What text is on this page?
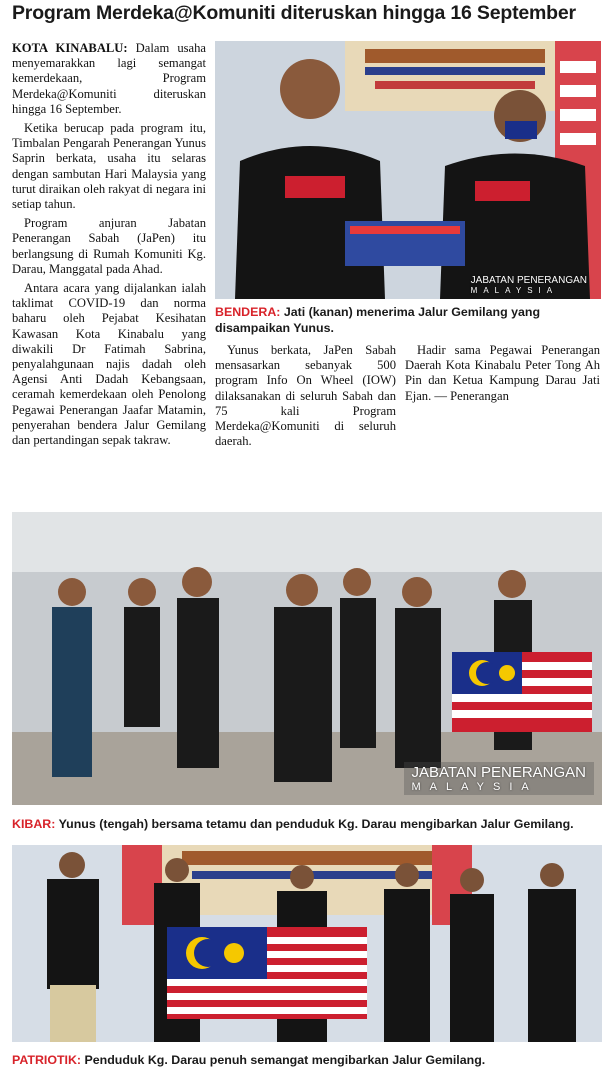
Program Merdeka@Komuniti diteruskan hingga 16 September

KOTA KINABALU: Dalam usaha menyemarakkan lagi semangat kemerdekaan, Program Merdeka@Komuniti diteruskan hingga 16 September.

Ketika berucap pada program itu, Timbalan Pengarah Penerangan Yunus Saprin berkata, usaha itu selaras dengan sambutan Hari Malaysia yang turut diraikan oleh rakyat di negara ini setiap tahun.

Program anjuran Jabatan Penerangan Sabah (JaPen) itu berlangsung di Rumah Komuniti Kg. Darau, Manggatal pada Ahad.

Antara acara yang dijalankan ialah taklimat COVID-19 dan norma baharu oleh Pejabat Kesihatan Kawasan Kota Kinabalu yang diwakili Dr Fatimah Sabrina, penyalahgunaan najis dadah oleh Agensi Anti Dadah Kebangsaan, ceramah kemerdekaan oleh Penolong Pegawai Penerangan Jaafar Matamin, penyerahan bendera Jalur Gemilang dan pertandingan sepak takraw.

Yunus berkata, JaPen Sabah mensasarkan sebanyak 500 program Info On Wheel (IOW) dilaksanakan di seluruh Sabah dan 75 kali Program Merdeka@Komuniti di seluruh daerah.

Hadir sama Pegawai Penerangan Daerah Kota Kinabalu Peter Tong Ah Pin dan Ketua Kampung Darau Jati Ejan. — Penerangan

JABATAN PENERANGAN
MALAYSIA
BENDERA: Jati (kanan) menerima Jalur Gemilang yang disampaikan Yunus.
JABATAN PENERANGAN
MALAYSIA
KIBAR: Yunus (tengah) bersama tetamu dan penduduk Kg. Darau mengibarkan Jalur Gemilang.
PATRIOTIK: Penduduk Kg. Darau penuh semangat mengibarkan Jalur Gemilang.
